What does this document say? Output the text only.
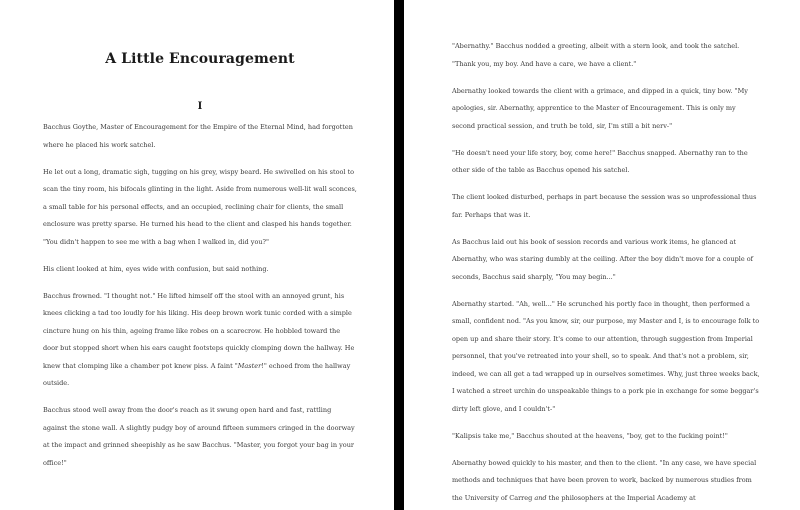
A Little Encouragement
I

Bacchus Goythe, Master of Encouragement for the Empire of the Eternal Mind, had forgotten where he placed his work satchel.

He let out a long, dramatic sigh, tugging on his grey, wispy beard. He swivelled on his stool to scan the tiny room, his bifocals glinting in the light. Aside from numerous well-lit wall sconces, a small table for his personal effects, and an occupied, reclining chair for clients, the small enclosure was pretty sparse. He turned his head to the client and clasped his hands together. "You didn't happen to see me with a bag when I walked in, did you?"

His client looked at him, eyes wide with confusion, but said nothing.

Bacchus frowned. "I thought not." He lifted himself off the stool with an annoyed grunt, his knees clicking a tad too loudly for his liking. His deep brown work tunic corded with a simple cincture hung on his thin, ageing frame like robes on a scarecrow. He hobbled toward the door but stopped short when his ears caught footsteps quickly clomping down the hallway. He knew that clomping like a chamber pot knew piss. A faint "Master!" echoed from the hallway outside.

Bacchus stood well away from the door's reach as it swung open hard and fast, rattling against the stone wall. A slightly pudgy boy of around fifteen summers cringed in the doorway at the impact and grinned sheepishly as he saw Bacchus. "Master, you forgot your bag in your office!"

"Abernathy." Bacchus nodded a greeting, albeit with a stern look, and took the satchel. "Thank you, my boy. And have a care, we have a client."

Abernathy looked towards the client with a grimace, and dipped in a quick, tiny bow. "My apologies, sir. Abernathy, apprentice to the Master of Encouragement. This is only my second practical session, and truth be told, sir, I'm still a bit nerv-"

"He doesn't need your life story, boy, come here!" Bacchus snapped. Abernathy ran to the other side of the table as Bacchus opened his satchel.

The client looked disturbed, perhaps in part because the session was so unprofessional thus far. Perhaps that was it.

As Bacchus laid out his book of session records and various work items, he glanced at Abernathy, who was staring dumbly at the ceiling. After the boy didn't move for a couple of seconds, Bacchus said sharply, "You may begin..."

Abernathy started. "Ah, well..." He scrunched his portly face in thought, then performed a small, confident nod. "As you know, sir, our purpose, my Master and I, is to encourage folk to open up and share their story. It's come to our attention, through suggestion from Imperial personnel, that you've retreated into your shell, so to speak. And that's not a problem, sir, indeed, we can all get a tad wrapped up in ourselves sometimes. Why, just three weeks back, I watched a street urchin do unspeakable things to a pork pie in exchange for some beggar's dirty left glove, and I couldn't-"

"Kalipsis take me," Bacchus shouted at the heavens, "boy, get to the fucking point!"

Abernathy bowed quickly to his master, and then to the client. "In any case, we have special methods and techniques that have been proven to work, backed by numerous studies from the University of Carreg and the philosophers at the Imperial Academy at
